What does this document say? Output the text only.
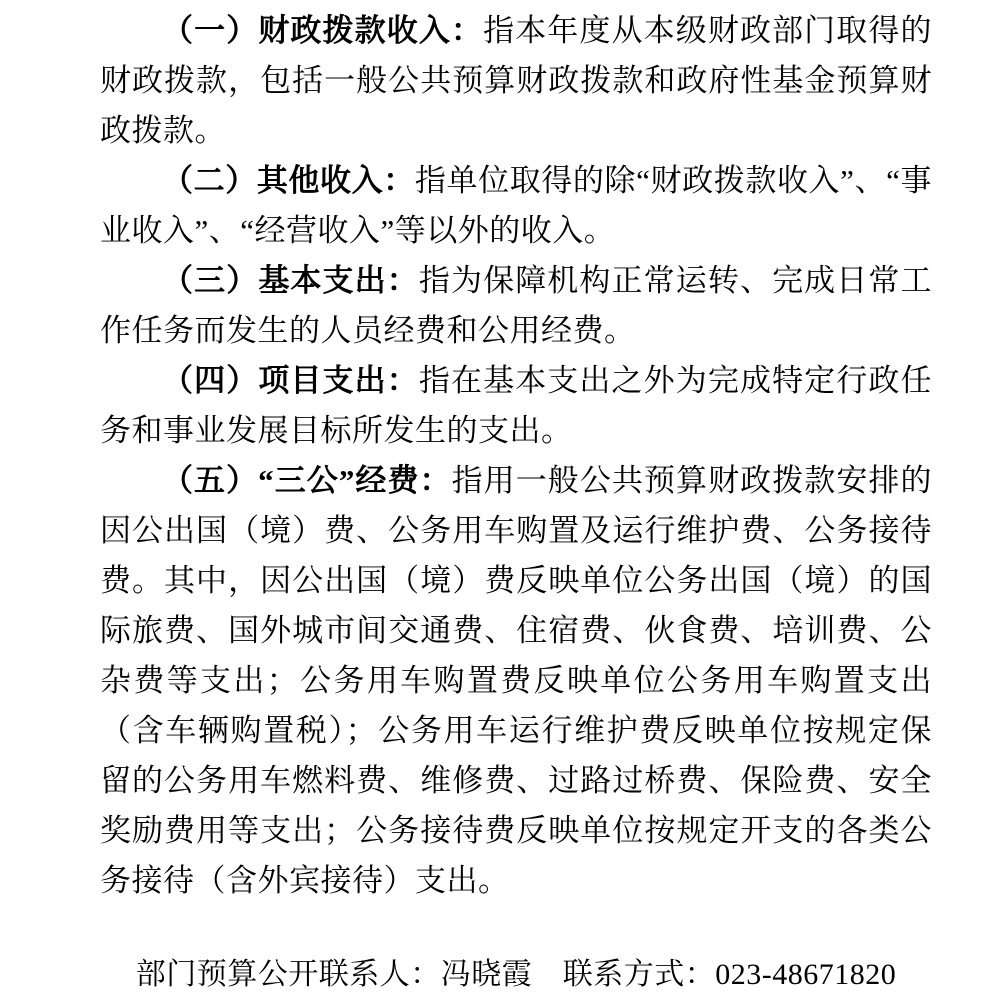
（一）财政拨款收入：指本年度从本级财政部门取得的财政拨款，包括一般公共预算财政拨款和政府性基金预算财政拨款。

（二）其他收入：指单位取得的除“财政拨款收入”、“事业收入”、“经营收入”等以外的收入。

（三）基本支出：指为保障机构正常运转、完成日常工作任务而发生的人员经费和公用经费。

（四）项目支出：指在基本支出之外为完成特定行政任务和事业发展目标所发生的支出。

（五）“三公”经费：指用一般公共预算财政拨款安排的因公出国（境）费、公务用车购置及运行维护费、公务接待费。其中，因公出国（境）费反映单位公务出国（境）的国际旅费、国外城市间交通费、住宿费、伙食费、培训费、公杂费等支出；公务用车购置费反映单位公务用车购置支出（含车辆购置税）；公务用车运行维护费反映单位按规定保留的公务用车燃料费、维修费、过路过桥费、保险费、安全奖励费用等支出；公务接待费反映单位按规定开支的各类公务接待（含外宾接待）支出。

部门预算公开联系人：冯晓霞　联系方式：023-48671820
